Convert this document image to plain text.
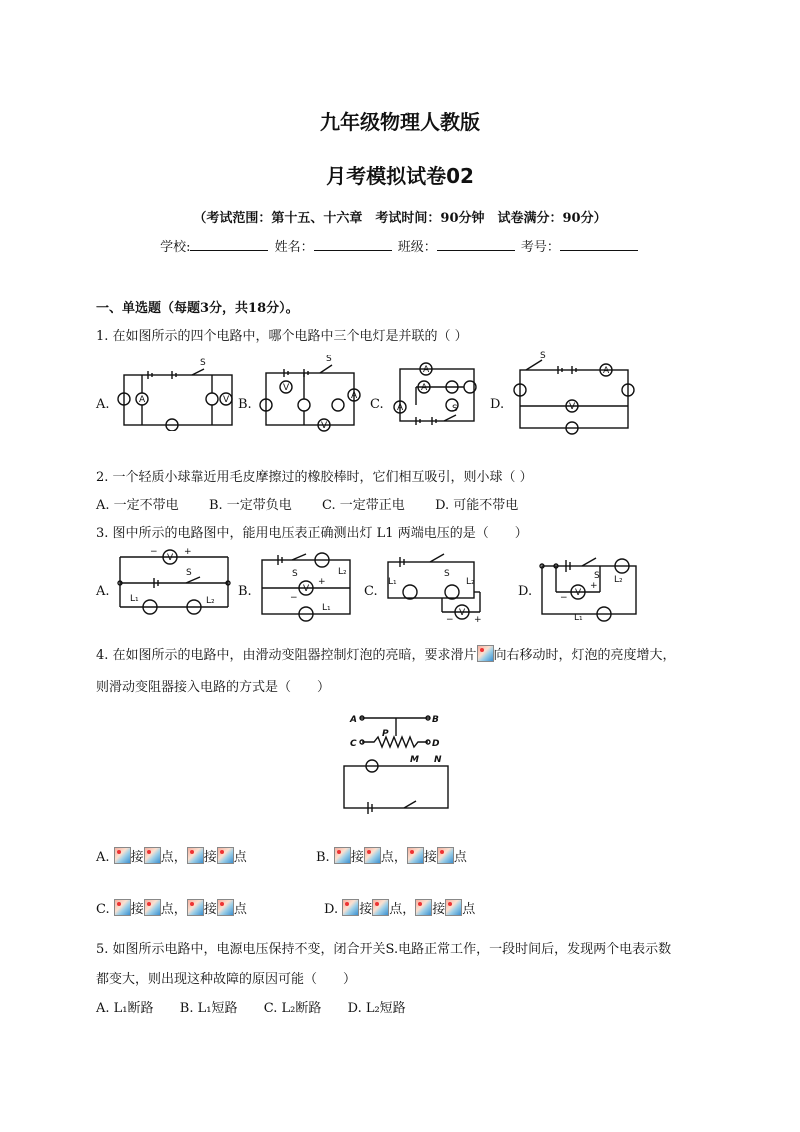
九年级物理人教版
月考模拟试卷02
（考试范围：第十五、十六章　考试时间：90分钟　试卷满分：90分）
学校:	姓名：	班级：	考号：
一、单选题（每题3分，共18分）。
1. 在如图所示的四个电路中，哪个电路中三个电灯是并联的（ ）
A.
S
A	V B.
S
V
A
V
C.
A
A
A
S D.
S
A
V
2. 一个轻质小球靠近用毛皮摩擦过的橡胶棒时，它们相互吸引，则小球（ ）
A. 一定不带电 B. 一定带负电 C. 一定带正电 D. 可能不带电
3. 图中所示的电路图中，能用电压表正确测出灯 L1 两端电压的是（　　）
A.
V
−	+
S
L₁	L₂
B.
S	L₂
V
−
+
L₁
C.
S
L₁	L₂
V
− +
D.
S L₂
V
−
+
L₁
4. 在如图所示的电路中，由滑动变阻器控制灯泡的亮暗，要求滑片 向右移动时，灯泡的亮度增大，
则滑动变阻器接入电路的方式是（　　）
A	B
P
C	D
M N
A. 接 点， 接 点	B. 接 点， 接 点
C. 接 点， 接 点	D. 接 点， 接 点
5. 如图所示电路中，电源电压保持不变，闭合开关S.电路正常工作，一段时间后，发现两个电表示数
都变大，则出现这种故障的原因可能（　　）
A. L₁断路 B. L₁短路 C. L₂断路 D. L₂短路
